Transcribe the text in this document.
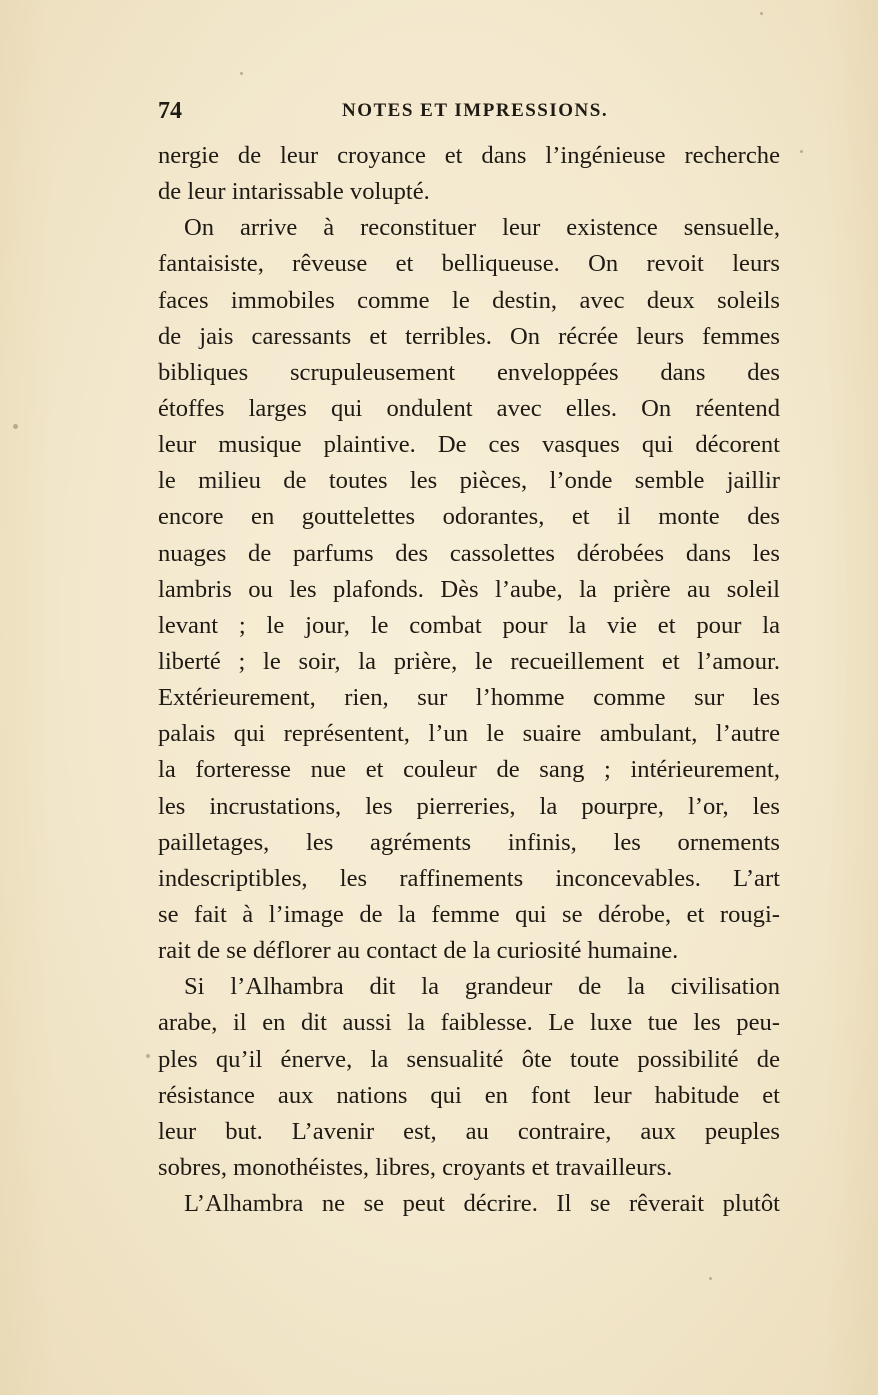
74	NOTES ET IMPRESSIONS.
nergie de leur croyance et dans l’ingénieuse recherche
de leur intarissable volupté.
On arrive à reconstituer leur existence sensuelle,
fantaisiste, rêveuse et belliqueuse. On revoit leurs
faces immobiles comme le destin, avec deux soleils
de jais caressants et terribles. On récrée leurs femmes
bibliques scrupuleusement enveloppées dans des
étoffes larges qui ondulent avec elles. On réentend
leur musique plaintive. De ces vasques qui décorent
le milieu de toutes les pièces, l’onde semble jaillir
encore en gouttelettes odorantes, et il monte des
nuages de parfums des cassolettes dérobées dans les
lambris ou les plafonds. Dès l’aube, la prière au soleil
levant ; le jour, le combat pour la vie et pour la
liberté ; le soir, la prière, le recueillement et l’amour.
Extérieurement, rien, sur l’homme comme sur les
palais qui représentent, l’un le suaire ambulant, l’autre
la forteresse nue et couleur de sang ; intérieurement,
les incrustations, les pierreries, la pourpre, l’or, les
pailletages, les agréments infinis, les ornements
indescriptibles, les raffinements inconcevables. L’art
se fait à l’image de la femme qui se dérobe, et rougi-
rait de se déflorer au contact de la curiosité humaine.
Si l’Alhambra dit la grandeur de la civilisation
arabe, il en dit aussi la faiblesse. Le luxe tue les peu-
ples qu’il énerve, la sensualité ôte toute possibilité de
résistance aux nations qui en font leur habitude et
leur but. L’avenir est, au contraire, aux peuples
sobres, monothéistes, libres, croyants et travailleurs.
L’Alhambra ne se peut décrire. Il se rêverait plutôt
